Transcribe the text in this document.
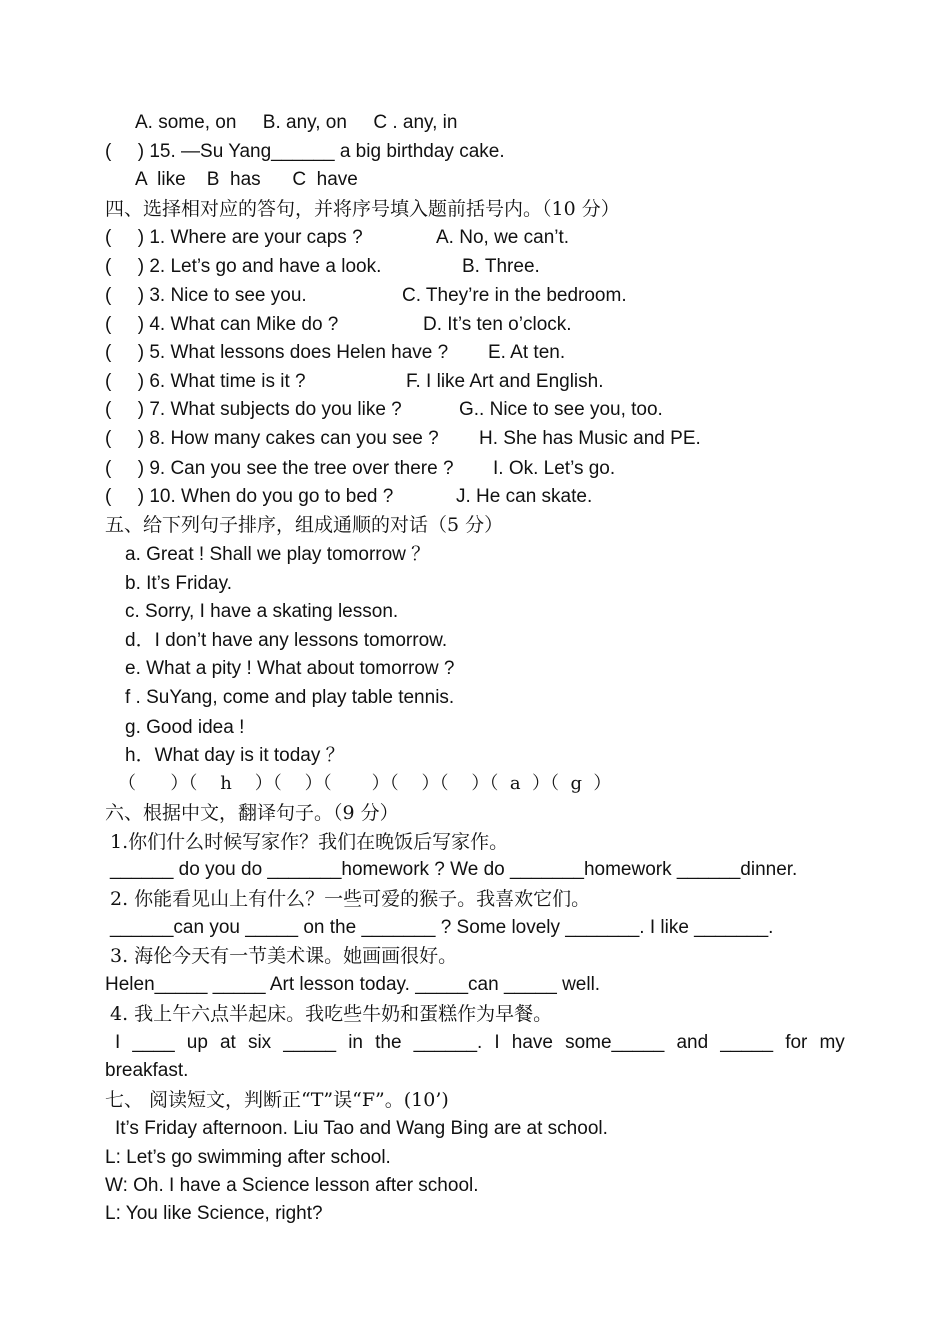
A. some, on     B. any, on     C . any, in
(     ) 15. —Su Yang______ a big birthday cake.
A  like    B  has      C  have
四、选择相对应的答句，并将序号填入题前括号内。（10 分）
(     ) 1. Where are your caps ?	A. No, we can’t.
(     ) 2. Let’s go and have a look.	B. Three.
(     ) 3. Nice to see you.	C. They’re in the bedroom.
(     ) 4. What can Mike do ?	D. It’s ten o’clock.
(     ) 5. What lessons does Helen have ? E. At ten.
(     ) 6. What time is it ?	F. I like Art and English.
(     ) 7. What subjects do you like ?	G.. Nice to see you, too.
(     ) 8. How many cakes can you see ? H. She has Music and PE.
(     ) 9. Can you see the tree over there ? I. Ok. Let’s go.
(     ) 10. When do you go to bed ?	J. He can skate.
五、给下列句子排序，组成通顺的对话（5 分）
a. Great ! Shall we play tomorrow ？
b. It’s Friday.
c. Sorry, I have a skating lesson.
d．I don’t have any lessons tomorrow.
e. What a pity ! What about tomorrow ?
f . SuYang, come and play table tennis.
g. Good idea !
h．What day is it today ？
（      ）（    h    ）（    ）（       ）（    ）（    ）（  a  ）（  g  ）
六、根据中文，翻译句子。（9 分）
1.你们什么时候写家作？我们在晚饭后写家作。
______ do you do _______homework ? We do _______homework ______dinner.
2. 你能看见山上有什么？一些可爱的猴子。我喜欢它们。
______can you _____ on the _______ ? Some lovely _______. I like _______.
3. 海伦今天有一节美术课。她画画很好。
Helen_____ _____ Art lesson today. _____can _____ well.
4. 我上午六点半起床。我吃些牛奶和蛋糕作为早餐。
I ____ up at six _____ in the ______. I have some_____ and _____ for my
breakfast.
七、 阅读短文，判断正“T”误“F”。(10’)
It’s Friday afternoon. Liu Tao and Wang Bing are at school.
L: Let’s go swimming after school.
W: Oh. I have a Science lesson after school.
L: You like Science, right?
